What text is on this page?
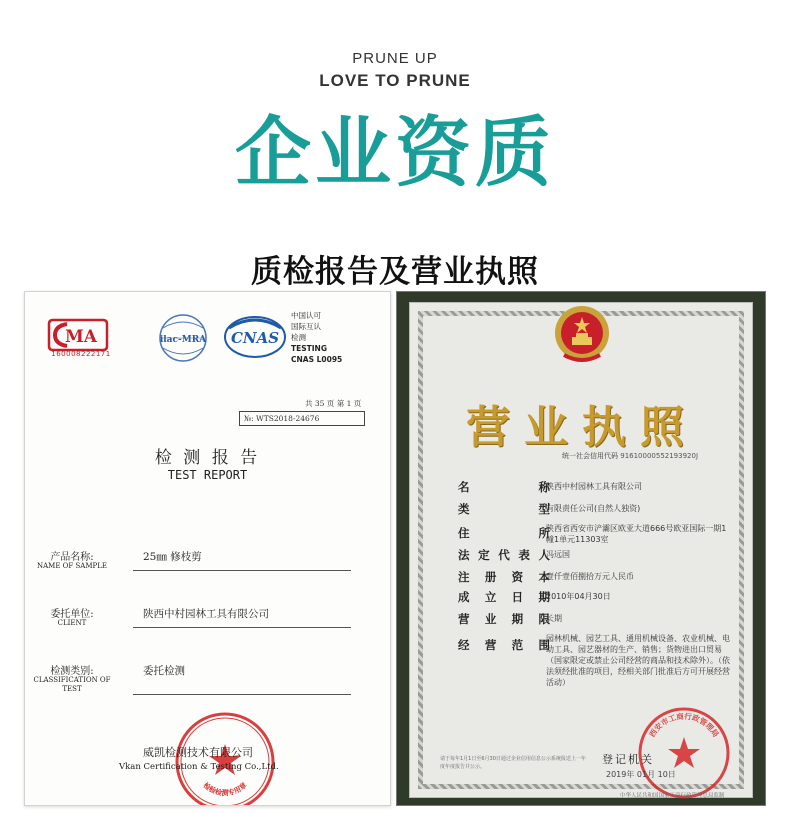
PRUNE UP
LOVE TO PRUNE
企业资质
质检报告及营业执照
MA
160008222171
ilac-MRA CNAS
中国认可
国际互认
检测
TESTING
CNAS L0095
共 35 页 第 1 页
№: WTS2018-24676
检 测 报 告
TEST REPORT
产品名称:
NAME OF SAMPLE
25㎜ 修枝剪
委托单位:
CLIENT
陕西中村园林工具有限公司
检测类别:
CLASSIFICATION OF TEST
委托检测
检验检测专用章
威凯检测技术有限公司
Vkan Certification & Testing Co.,Ltd.
营业执照
统一社会信用代码 91610000552193920J
名称
陕西中村园林工具有限公司
类型
有限责任公司(自然人独资)
住所
陕西省西安市浐灞区欧亚大道666号欧亚国际一期1幢1单元11303室
法定代表人
冯远国
注册资本
壹仟壹佰捌拾万元人民币
成立日期
2010年04月30日
营业期限
长期
经营范围
园林机械、园艺工具、通用机械设备、农业机械、电动工具、园艺器材的生产、销售；货物进出口贸易（国家限定或禁止公司经营的商品和技术除外）。（依法须经批准的项目，经相关部门批准后方可开展经营活动）
西安市工商行政管理局
请于每年1月1日至6月30日通过企业信用信息公示系统报送上一年度年度报告并公示。
登记机关
2019年 01月 10日
中华人民共和国国家工商行政管理总局监制
